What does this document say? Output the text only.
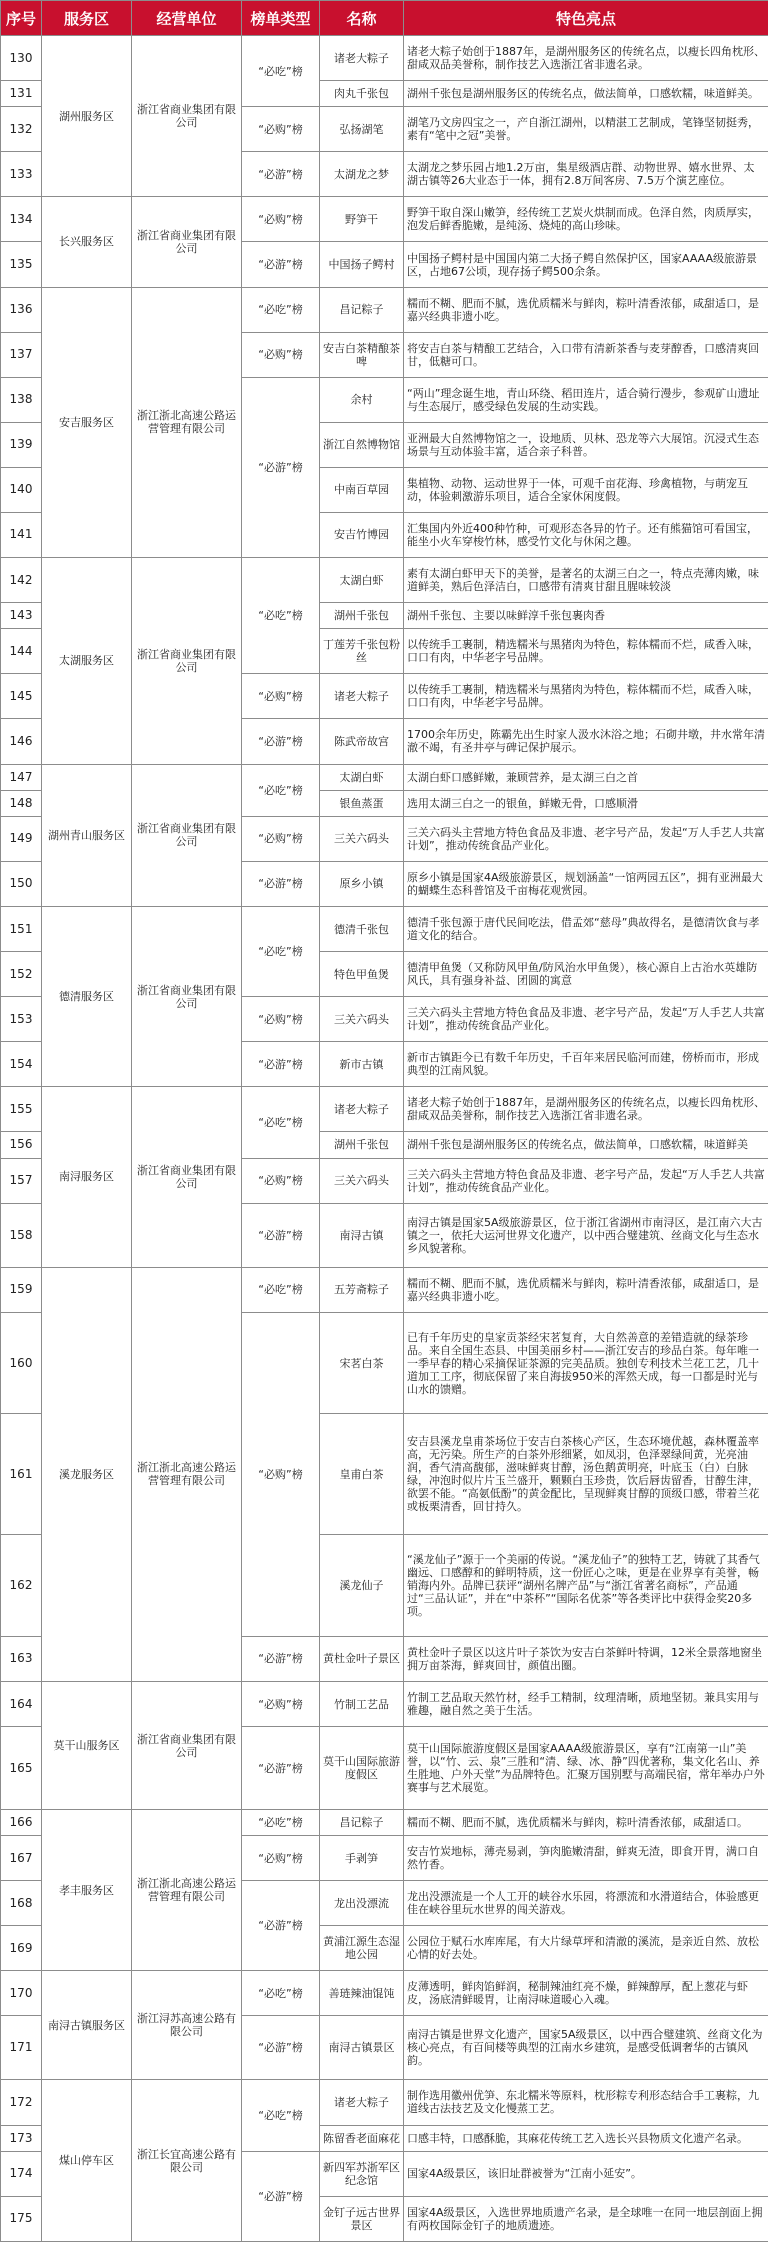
序号	服务区	经营单位	榜单类型	名称	特色亮点
130	湖州服务区	浙江省商业集团有限公司	“必吃”榜	诸老大粽子	诸老大粽子始创于1887年，是湖州服务区的传统名点，以瘦长四角枕形、甜咸双品美誉称，制作技艺入选浙江省非遗名录。
131				肉丸千张包	湖州千张包是湖州服务区的传统名点，做法简单，口感软糯，味道鲜美。
132			“必购”榜	弘扬湖笔	湖笔乃文房四宝之一，产自浙江湖州，以精湛工艺制成，笔锋坚韧挺秀，素有“笔中之冠”美誉。
133			“必游”榜	太湖龙之梦	太湖龙之梦乐园占地1.2万亩，集星级酒店群、动物世界、嬉水世界、太湖古镇等26大业态于一体，拥有2.8万间客房、7.5万个演艺座位。
134	长兴服务区	浙江省商业集团有限公司	“必购”榜	野笋干	野笋干取自深山嫩笋，经传统工艺炭火烘制而成。色泽自然，肉质厚实，泡发后鲜香脆嫩，是纯汤、烧炖的高山珍味。
135			“必游”榜	中国扬子鳄村	中国扬子鳄村是中国国内第二大扬子鳄自然保护区，国家AAAA级旅游景区，占地67公顷，现存扬子鳄500余条。
136	安吉服务区	浙江浙北高速公路运营管理有限公司	“必吃”榜	昌记粽子	糯而不糊、肥而不腻，选优质糯米与鲜肉，粽叶清香浓郁，咸甜适口，是嘉兴经典非遗小吃。
137			“必购”榜	安吉白茶精酿茶啤	将安吉白茶与精酿工艺结合，入口带有清新茶香与麦芽醇香，口感清爽回甘，低糖可口。
138			“必游”榜	余村	“两山”理念诞生地，青山环绕、稻田连片，适合骑行漫步，参观矿山遗址与生态展厅，感受绿色发展的生动实践。
139				浙江自然博物馆	亚洲最大自然博物馆之一，设地质、贝林、恐龙等六大展馆。沉浸式生态场景与互动体验丰富，适合亲子科普。
140				中南百草园	集植物、动物、运动世界于一体，可观千亩花海、珍禽植物，与萌宠互动，体验刺激游乐项目，适合全家休闲度假。
141				安吉竹博园	汇集国内外近400种竹种，可观形态各异的竹子。还有熊猫馆可看国宝，能坐小火车穿梭竹林，感受竹文化与休闲之趣。
142	太湖服务区	浙江省商业集团有限公司	“必吃”榜	太湖白虾	素有太湖白虾甲天下的美誉，是著名的太湖三白之一，特点壳薄肉嫩，味道鲜美，熟后色泽洁白，口感带有清爽甘甜且腥味较淡
143				湖州千张包	湖州千张包、主要以味鲜淳千张包裹肉香
144				丁莲芳千张包粉丝	以传统手工裹制，精选糯米与黑猪肉为特色，粽体糯而不烂，咸香入味，口口有肉，中华老字号品牌。
145			“必购”榜	诸老大粽子	以传统手工裹制，精选糯米与黑猪肉为特色，粽体糯而不烂，咸香入味，口口有肉，中华老字号品牌。
146			“必游”榜	陈武帝故宫	1700余年历史，陈霸先出生时家人汲水沐浴之地；石砌井墩，井水常年清澈不竭，有圣井亭与碑记保护展示。
147	湖州青山服务区	浙江省商业集团有限公司	“必吃”榜	太湖白虾	太湖白虾口感鲜嫩，兼顾营养，是太湖三白之首
148				银鱼蒸蛋	选用太湖三白之一的银鱼，鲜嫩无骨，口感顺滑
149			“必购”榜	三关六码头	三关六码头主营地方特色食品及非遗、老字号产品，发起“万人手艺人共富计划”，推动传统食品产业化。
150			“必游”榜	原乡小镇	原乡小镇是国家4A级旅游景区，规划涵盖“一馆两园五区”，拥有亚洲最大的蝴蝶生态科普馆及千亩梅花观赏园。
151	德清服务区	浙江省商业集团有限公司	“必吃”榜	德清千张包	德清千张包源于唐代民间吃法，借孟郊“慈母”典故得名，是德清饮食与孝道文化的结合。
152				特色甲鱼煲	德清甲鱼煲（又称防风甲鱼/防风治水甲鱼煲），核心源自上古治水英雄防风氏，具有强身补益、团圆的寓意
153			“必购”榜	三关六码头	三关六码头主营地方特色食品及非遗、老字号产品，发起“万人手艺人共富计划”，推动传统食品产业化。
154			“必游”榜	新市古镇	新市古镇距今已有数千年历史，千百年来居民临河而建，傍桥而市，形成典型的江南风貌。
155	南浔服务区	浙江省商业集团有限公司	“必吃”榜	诸老大粽子	诸老大粽子始创于1887年，是湖州服务区的传统名点，以瘦长四角枕形、甜咸双品美誉称，制作技艺入选浙江省非遗名录。
156				湖州千张包	湖州千张包是湖州服务区的传统名点，做法简单，口感软糯，味道鲜美
157			“必购”榜	三关六码头	三关六码头主营地方特色食品及非遗、老字号产品，发起“万人手艺人共富计划”，推动传统食品产业化。
158			“必游”榜	南浔古镇	南浔古镇是国家5A级旅游景区，位于浙江省湖州市南浔区，是江南六大古镇之一，依托大运河世界文化遗产，以中西合璧建筑、丝商文化与生态水乡风貌著称。
159	溪龙服务区	浙江浙北高速公路运营管理有限公司	“必吃”榜	五芳斋粽子	糯而不糊、肥而不腻，选优质糯米与鲜肉，粽叶清香浓郁，咸甜适口，是嘉兴经典非遗小吃。
160			“必购”榜	宋茗白茶	已有千年历史的皇家贡茶经宋茗复育，大自然善意的差错造就的绿茶珍品。来自全国生态县、中国美丽乡村——浙江安吉的珍品白茶。每年唯一一季早春的精心采摘保证茶源的完美品质。独创专利技术兰花工艺，几十道加工工序，彻底保留了来自海拔950米的浑然天成，每一口都是时光与山水的馈赠。
161				皇甫白茶	安吉县溪龙皇甫茶场位于安吉白茶核心产区，生态环境优越，森林覆盖率高，无污染。所生产的白茶外形细紧，如凤羽，色泽翠绿间黄，光亮油润，香气清高馥郁，滋味鲜爽甘醇，汤色鹅黄明亮，叶底玉（白）白脉绿，冲泡时似片片玉兰盛开，颗颗白玉珍贵，饮后唇齿留香，甘醇生津，欲罢不能。“高氨低酚”的黄金配比，呈现鲜爽甘醇的顶级口感，带着兰花或板栗清香，回甘持久。
162				溪龙仙子	“溪龙仙子”源于一个美丽的传说。“溪龙仙子”的独特工艺，铸就了其香气幽远、口感醇和的鲜明特质，这一份匠心之味，更是在业界享有美誉，畅销海内外。品牌已获评“湖州名牌产品”与“浙江省著名商标”，产品通过“三品认证”，并在“中茶杯”“国际名优茶”等各类评比中获得金奖20多项。
163			“必游”榜	黄杜金叶子景区	黄杜金叶子景区以这片叶子茶饮为安吉白茶鲜叶特调，12米全景落地窗坐拥万亩茶海，鲜爽回甘，颜值出圈。
164	莫干山服务区	浙江省商业集团有限公司	“必购”榜	竹制工艺品	竹制工艺品取天然竹材，经手工精制，纹理清晰，质地坚韧。兼具实用与雅趣，融自然之美于生活。
165			“必游”榜	莫干山国际旅游度假区	莫干山国际旅游度假区是国家AAAA级旅游景区，享有“江南第一山”美誉，以“竹、云、泉”三胜和“清、绿、冰、静”四优著称，集文化名山、养生胜地、户外天堂”为品牌特色。汇聚万国别墅与高端民宿，常年举办户外赛事与艺术展览。
166	孝丰服务区	浙江浙北高速公路运营管理有限公司	“必吃”榜	昌记粽子	糯而不糊、肥而不腻，选优质糯米与鲜肉，粽叶清香浓郁，咸甜适口。
167			“必购”榜	手剥笋	安吉竹炭地标，薄壳易剥，笋肉脆嫩清甜，鲜爽无渣，即食开胃，满口自然竹香。
168			“必游”榜	龙出没漂流	龙出没漂流是一个人工开的峡谷水乐园，将漂流和水滑道结合，体验感更佳在峡谷里玩水世界的闯关游戏。
169				黄浦江源生态湿地公园	公园位于赋石水库库尾，有大片绿草坪和清澈的溪流，是亲近自然、放松心情的好去处。
170	南浔古镇服务区	浙江浔苏高速公路有限公司	“必吃”榜	善琏辣油馄饨	皮薄透明，鲜肉馅鲜润，秘制辣油红亮不燥，鲜辣醇厚，配上葱花与虾皮，汤底清鲜暖胃，让南浔味道暖心入魂。
171			“必游”榜	南浔古镇景区	南浔古镇是世界文化遗产，国家5A级景区，以中西合璧建筑、丝商文化为核心亮点，有百间楼等典型的江南水乡建筑，是感受低调奢华的古镇风韵。
172	煤山停车区	浙江长宜高速公路有限公司	“必吃”榜	诸老大粽子	制作选用徽州优笋、东北糯米等原料，枕形粽专利形态结合手工裹粽，九道线古法技艺及文化慢蒸工艺。
173				陈留香老面麻花	口感丰特，口感酥脆，其麻花传统工艺入选长兴县物质文化遗产名录。
174			“必游”榜	新四军苏浙军区纪念馆	国家4A级景区，该旧址群被誉为“江南小延安”。
175				金钉子远古世界景区	国家4A级景区，入选世界地质遗产名录，是全球唯一在同一地层剖面上拥有两枚国际金钉子的地质遗迹。
